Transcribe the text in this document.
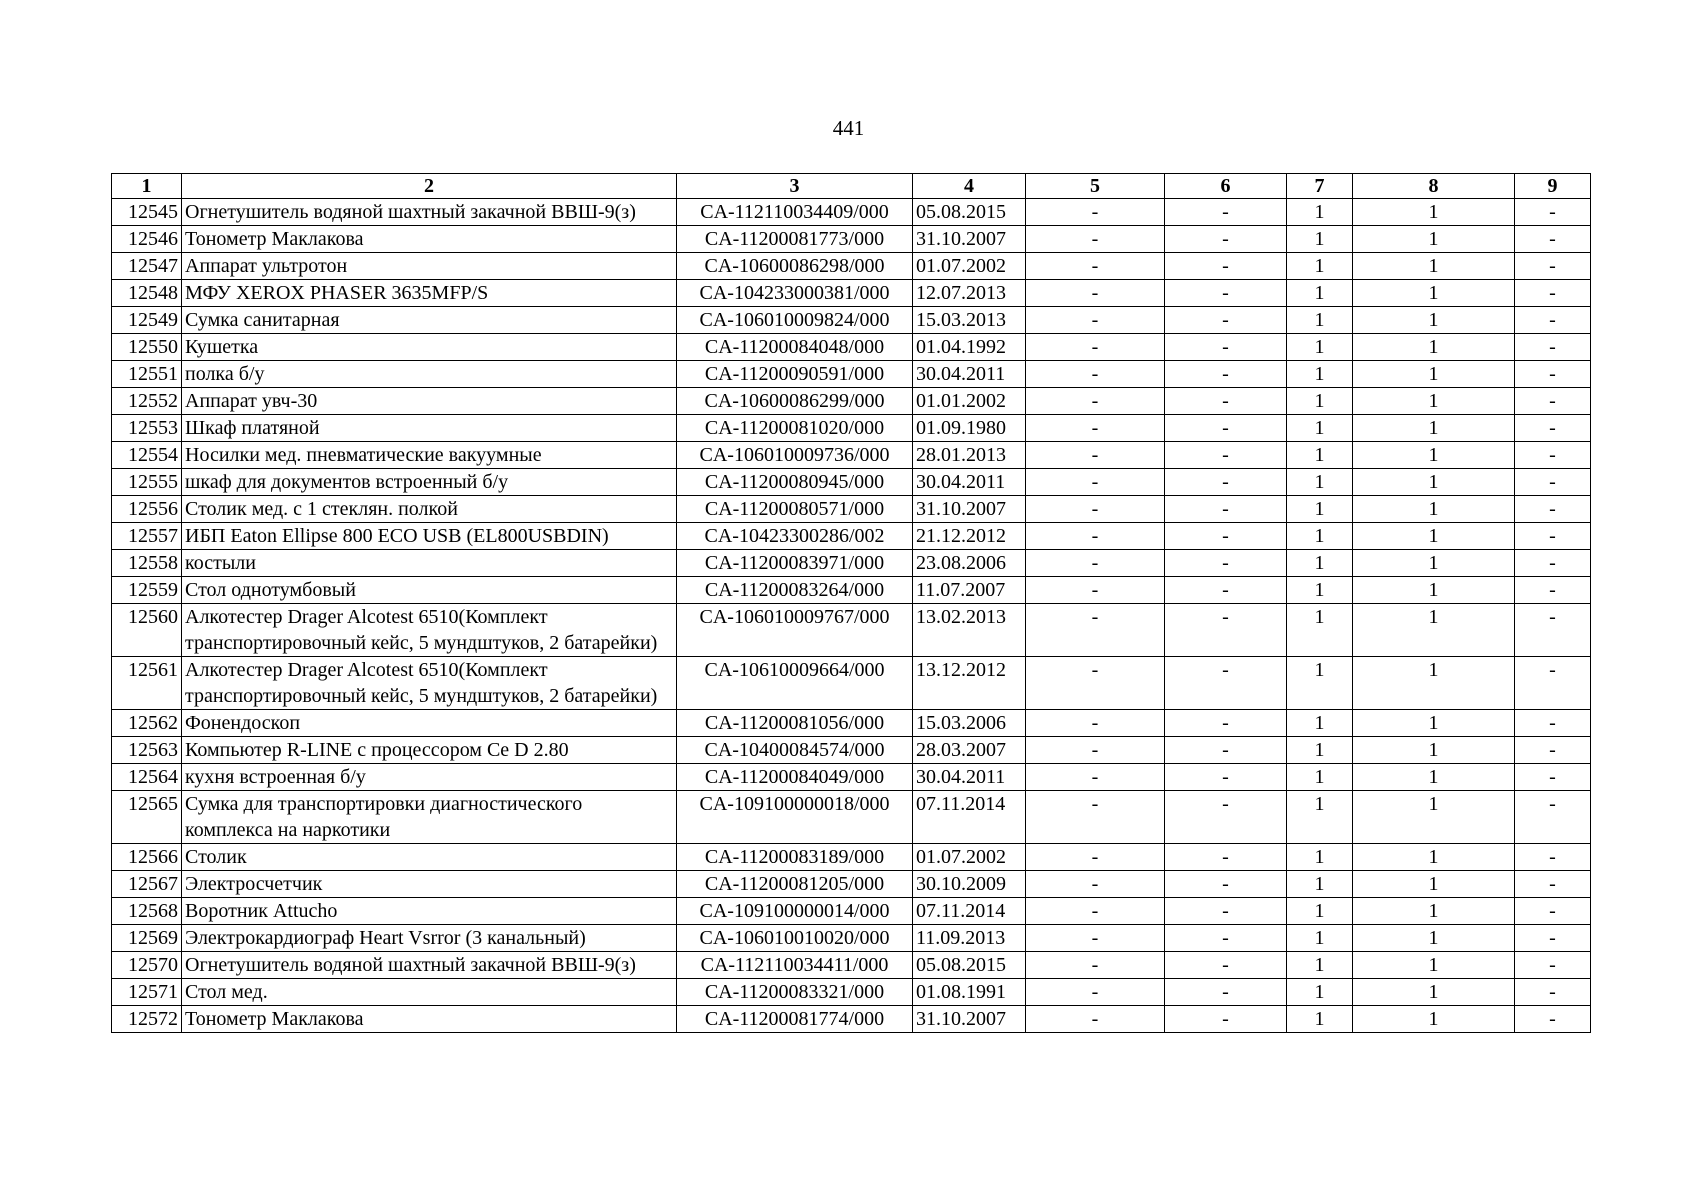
441
1	2	3	4	5	6	7	8	9
12545	Огнетушитель водяной шахтный закачной ВВШ-9(з)	CA-112110034409/000	05.08.2015	-	-	1	1	-
12546	Тонометр Маклакова	CA-11200081773/000	31.10.2007	-	-	1	1	-
12547	Аппарат ультротон	CA-10600086298/000	01.07.2002	-	-	1	1	-
12548	МФУ XEROX PHASER 3635MFP/S	CA-104233000381/000	12.07.2013	-	-	1	1	-
12549	Сумка санитарная	CA-106010009824/000	15.03.2013	-	-	1	1	-
12550	Кушетка	CA-11200084048/000	01.04.1992	-	-	1	1	-
12551	полка б/у	CA-11200090591/000	30.04.2011	-	-	1	1	-
12552	Аппарат увч-30	CA-10600086299/000	01.01.2002	-	-	1	1	-
12553	Шкаф платяной	CA-11200081020/000	01.09.1980	-	-	1	1	-
12554	Носилки мед. пневматические вакуумные	CA-106010009736/000	28.01.2013	-	-	1	1	-
12555	шкаф для документов встроенный б/у	CA-11200080945/000	30.04.2011	-	-	1	1	-
12556	Столик мед. с 1 стеклян. полкой	CA-11200080571/000	31.10.2007	-	-	1	1	-
12557	ИБП Eaton Ellipse 800 ECO USB (EL800USBDIN)	CA-10423300286/002	21.12.2012	-	-	1	1	-
12558	костыли	CA-11200083971/000	23.08.2006	-	-	1	1	-
12559	Стол однотумбовый	CA-11200083264/000	11.07.2007	-	-	1	1	-
12560	Алкотестер Drager Alcotest 6510(Комплект транспортировочный кейс, 5 мундштуков, 2 батарейки)	CA-106010009767/000	13.02.2013	-	-	1	1	-
12561	Алкотестер Drager Alcotest 6510(Комплект транспортировочный кейс, 5 мундштуков, 2 батарейки)	CA-10610009664/000	13.12.2012	-	-	1	1	-
12562	Фонендоскоп	CA-11200081056/000	15.03.2006	-	-	1	1	-
12563	Компьютер R-LINE с процессором Ce D 2.80	CA-10400084574/000	28.03.2007	-	-	1	1	-
12564	кухня встроенная б/у	CA-11200084049/000	30.04.2011	-	-	1	1	-
12565	Сумка для транспортировки диагностического комплекса на наркотики	CA-109100000018/000	07.11.2014	-	-	1	1	-
12566	Столик	CA-11200083189/000	01.07.2002	-	-	1	1	-
12567	Электросчетчик	CA-11200081205/000	30.10.2009	-	-	1	1	-
12568	Воротник Attucho	CA-109100000014/000	07.11.2014	-	-	1	1	-
12569	Электрокардиограф Heart Vsrror (3 канальный)	CA-106010010020/000	11.09.2013	-	-	1	1	-
12570	Огнетушитель водяной шахтный закачной ВВШ-9(з)	CA-112110034411/000	05.08.2015	-	-	1	1	-
12571	Стол мед.	CA-11200083321/000	01.08.1991	-	-	1	1	-
12572	Тонометр Маклакова	CA-11200081774/000	31.10.2007	-	-	1	1	-
